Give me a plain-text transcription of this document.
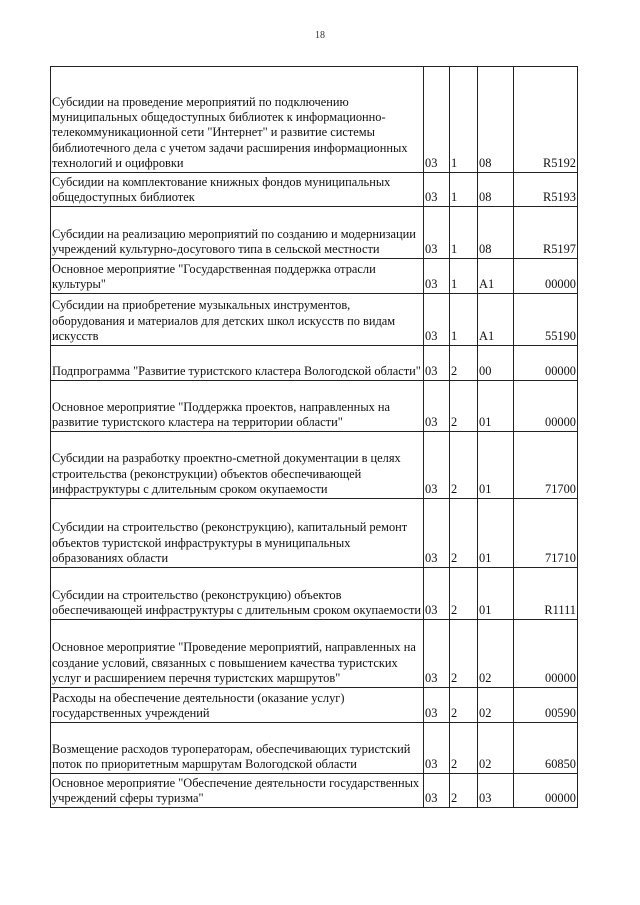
18
Субсидии на проведение мероприятий по подключению муниципальных общедоступных библиотек к информационно-телекоммуникационной сети "Интернет" и развитие системы библиотечного дела с учетом задачи расширения информационных технологий и оцифровки	03	1	08	R5192
Субсидии на комплектование книжных фондов муниципальных общедоступных библиотек	03	1	08	R5193
Субсидии на реализацию мероприятий по созданию и модернизации учреждений культурно-досугового типа в сельской местности	03	1	08	R5197
Основное мероприятие "Государственная поддержка отрасли культуры"	03	1	А1	00000
Субсидии на приобретение музыкальных инструментов, оборудования и материалов для детских школ искусств по видам искусств	03	1	А1	55190
Подпрограмма "Развитие туристского кластера Вологодской области"	03	2	00	00000
Основное мероприятие "Поддержка проектов, направленных на развитие туристского кластера на территории области"	03	2	01	00000
Субсидии на разработку проектно-сметной документации в целях строительства (реконструкции) объектов обеспечивающей инфраструктуры с длительным сроком окупаемости	03	2	01	71700
Субсидии на строительство (реконструкцию), капитальный ремонт объектов туристской инфраструктуры в муниципальных образованиях области	03	2	01	71710
Субсидии на строительство (реконструкцию) объектов обеспечивающей инфраструктуры с длительным сроком окупаемости	03	2	01	R1111
Основное мероприятие "Проведение мероприятий, направленных на создание условий, связанных с повышением качества туристских услуг и расширением перечня туристских маршрутов"	03	2	02	00000
Расходы на обеспечение деятельности (оказание услуг) государственных учреждений	03	2	02	00590
Возмещение расходов туроператорам, обеспечивающих туристский поток по приоритетным маршрутам Вологодской области	03	2	02	60850
Основное мероприятие "Обеспечение деятельности государственных учреждений сферы туризма"	03	2	03	00000
